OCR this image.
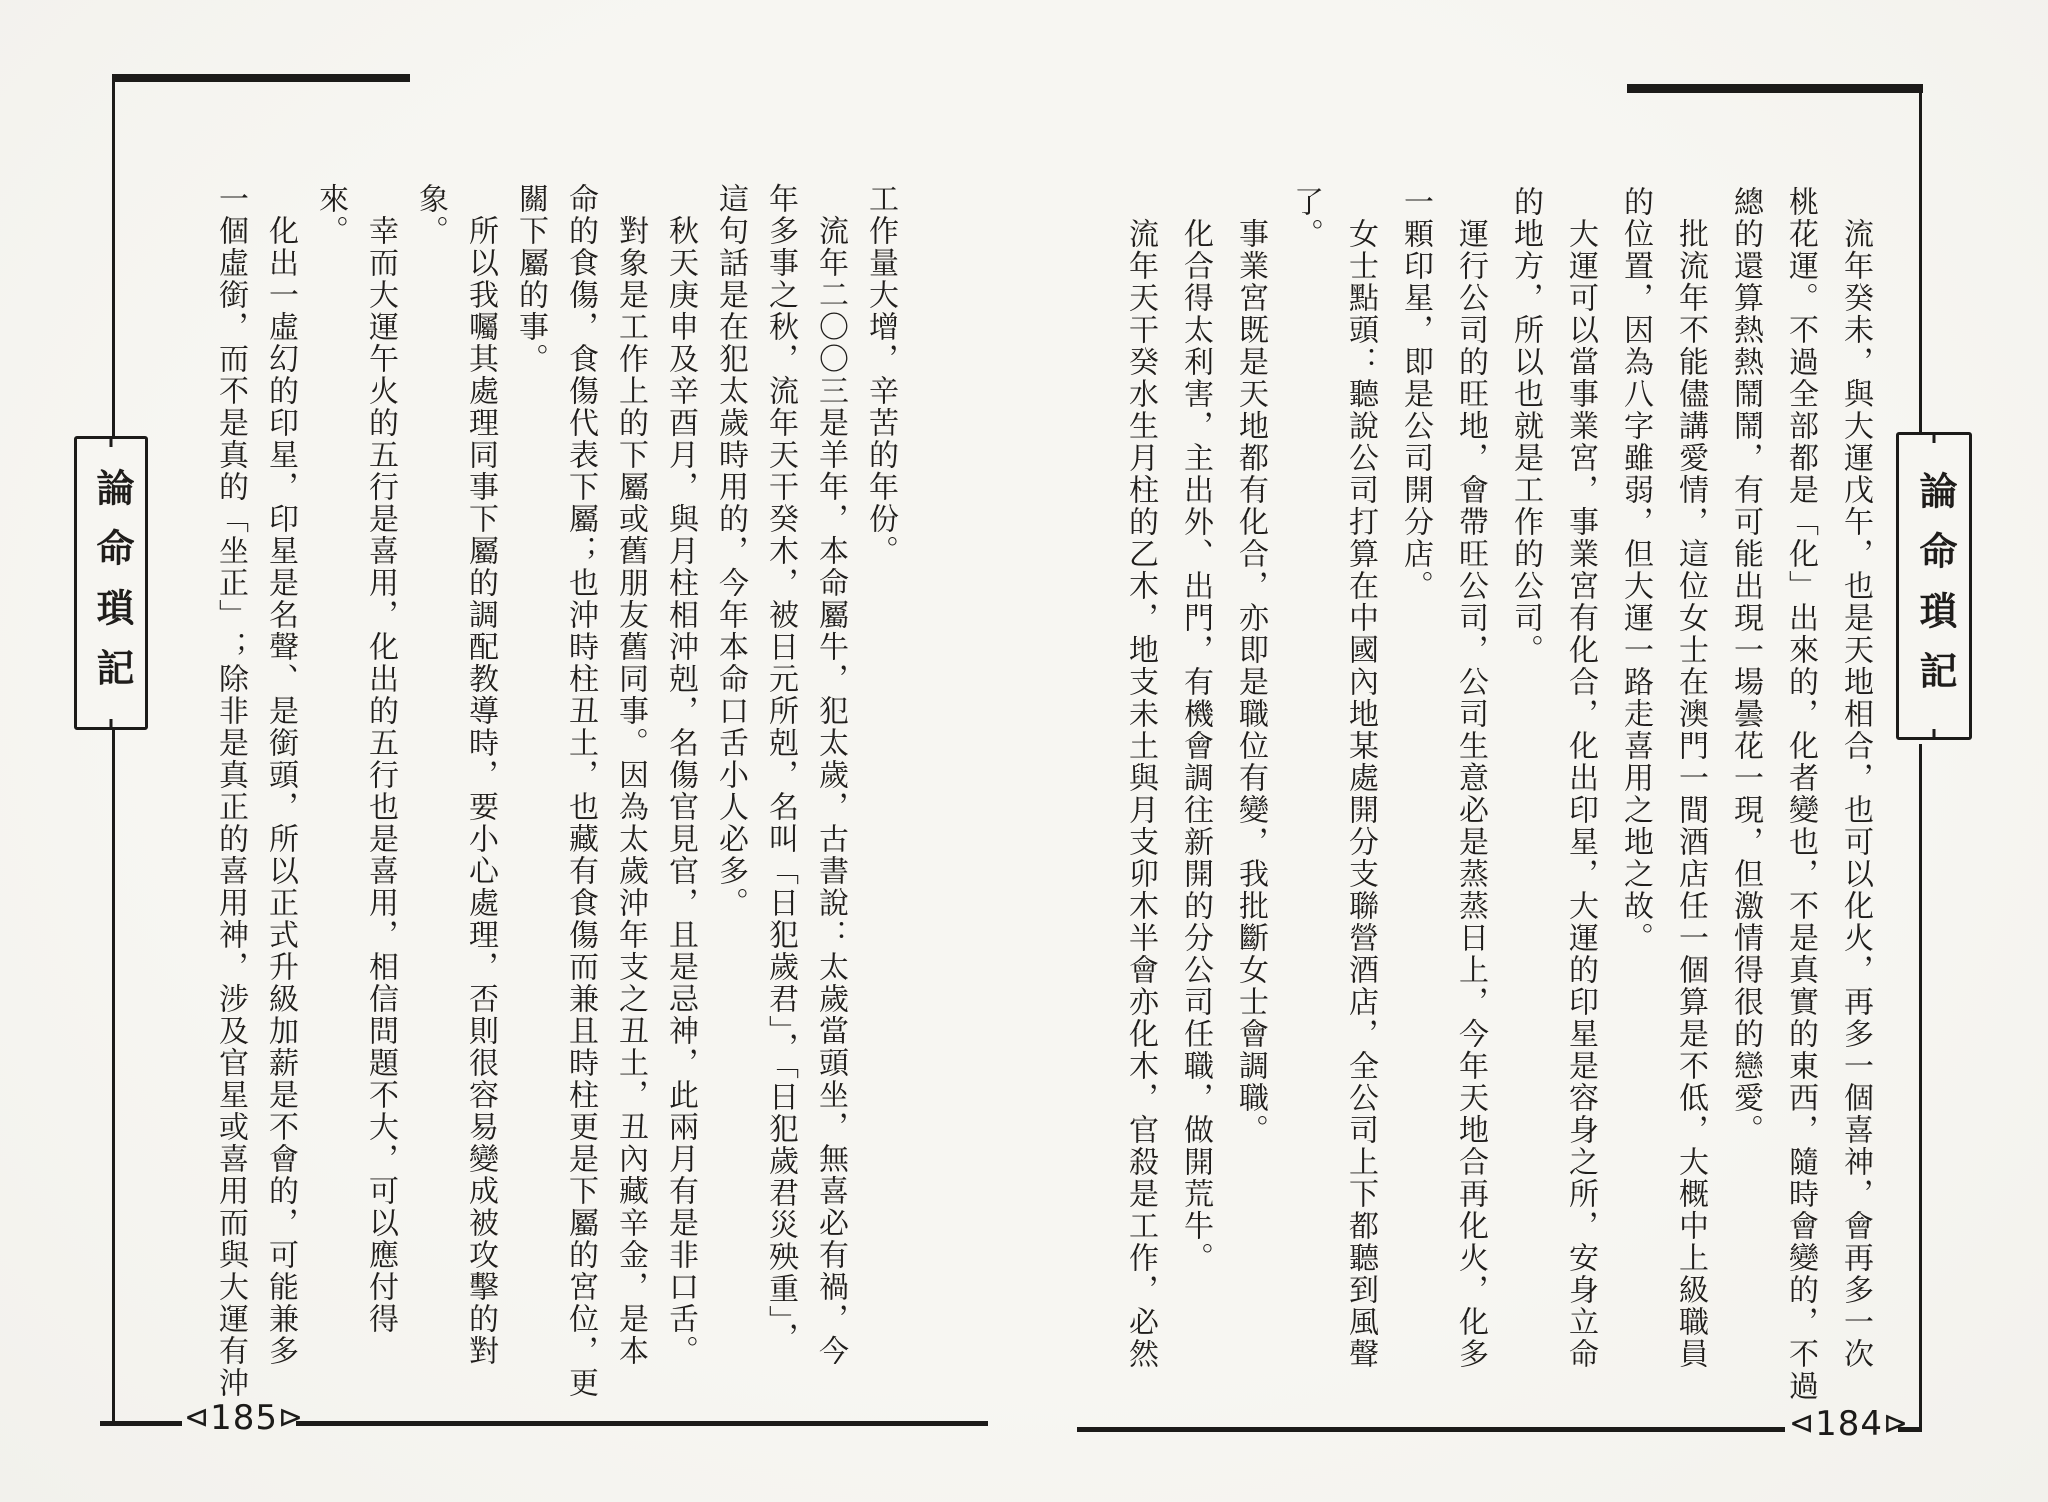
論命瑣記
工作量大增，辛苦的年份。
流年二〇〇三是羊年，本命屬牛，犯太歲，古書說：太歲當頭坐，無喜必有禍，今
年多事之秋，流年天干癸木，被日元所剋，名叫「日犯歲君」，「日犯歲君災殃重」，
這句話是在犯太歲時用的，今年本命口舌小人必多。
秋天庚申及辛酉月，與月柱相沖剋，名傷官見官，且是忌神，此兩月有是非口舌。
對象是工作上的下屬或舊朋友舊同事。因為太歲沖年支之丑土，丑內藏辛金，是本
命的食傷，食傷代表下屬；也沖時柱丑土，也藏有食傷而兼且時柱更是下屬的宮位，更
關下屬的事。
所以我囑其處理同事下屬的調配教導時，要小心處理，否則很容易變成被攻擊的對
象。
幸而大運午火的五行是喜用，化出的五行也是喜用，相信問題不大，可以應付得
來。
化出一虛幻的印星，印星是名聲、是銜頭，所以正式升級加薪是不會的，可能兼多
一個虛銜，而不是真的「坐正」；除非是真正的喜用神，涉及官星或喜用而與大運有沖
⊲185⊳
論命瑣記
流年癸未，與大運戊午，也是天地相合，也可以化火，再多一個喜神，會再多一次
桃花運。不過全部都是「化」出來的，化者變也，不是真實的東西，隨時會變的，不過
總的還算熱熱鬧鬧，有可能出現一場曇花一現，但激情得很的戀愛。
批流年不能儘講愛情，這位女士在澳門一間酒店任一個算是不低，大概中上級職員
的位置，因為八字雖弱，但大運一路走喜用之地之故。
大運可以當事業宮，事業宮有化合，化出印星，大運的印星是容身之所，安身立命
的地方，所以也就是工作的公司。
運行公司的旺地，會帶旺公司，公司生意必是蒸蒸日上，今年天地合再化火，化多
一顆印星，即是公司開分店。
女士點頭：聽說公司打算在中國內地某處開分支聯營酒店，全公司上下都聽到風聲
了。
事業宮既是天地都有化合，亦即是職位有變，我批斷女士會調職。
化合得太利害，主出外、出門，有機會調往新開的分公司任職，做開荒牛。
流年天干癸水生月柱的乙木，地支未土與月支卯木半會亦化木，官殺是工作，必然
⊲184⊳
